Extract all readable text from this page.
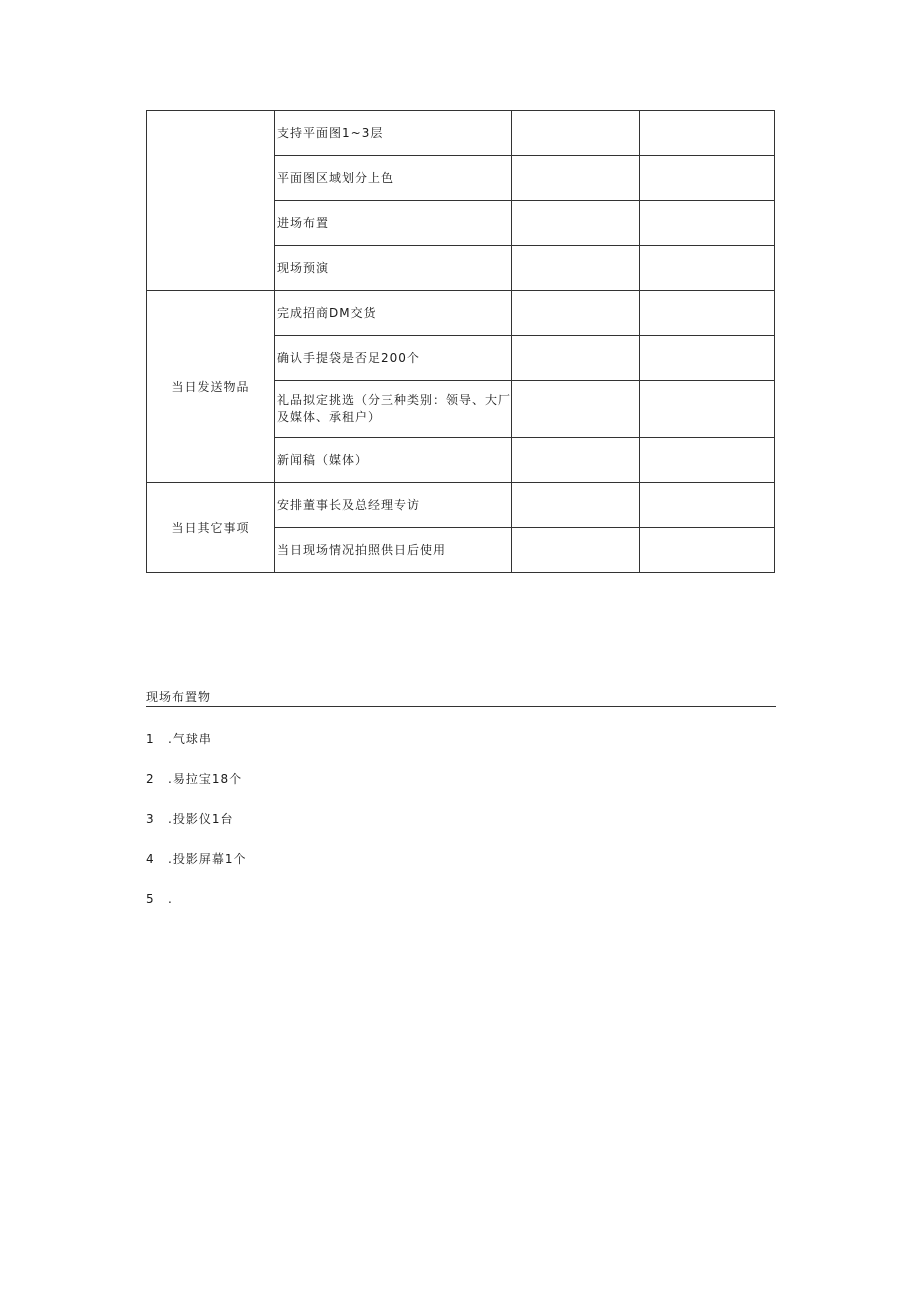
	支持平面图1~3层		
	平面图区域划分上色		
	进场布置		
	现场预演		
当日发送物品	完成招商DM交货		
	确认手提袋是否足200个		
	礼品拟定挑选（分三种类别：领导、大厂及媒体、承租户）		
	新闻稿（媒体）		
当日其它事项	安排董事长及总经理专访		
	当日现场情况拍照供日后使用		
现场布置物
1 .气球串
2 .易拉宝18个
3 .投影仪1台
4 .投影屏幕1个
5 .
